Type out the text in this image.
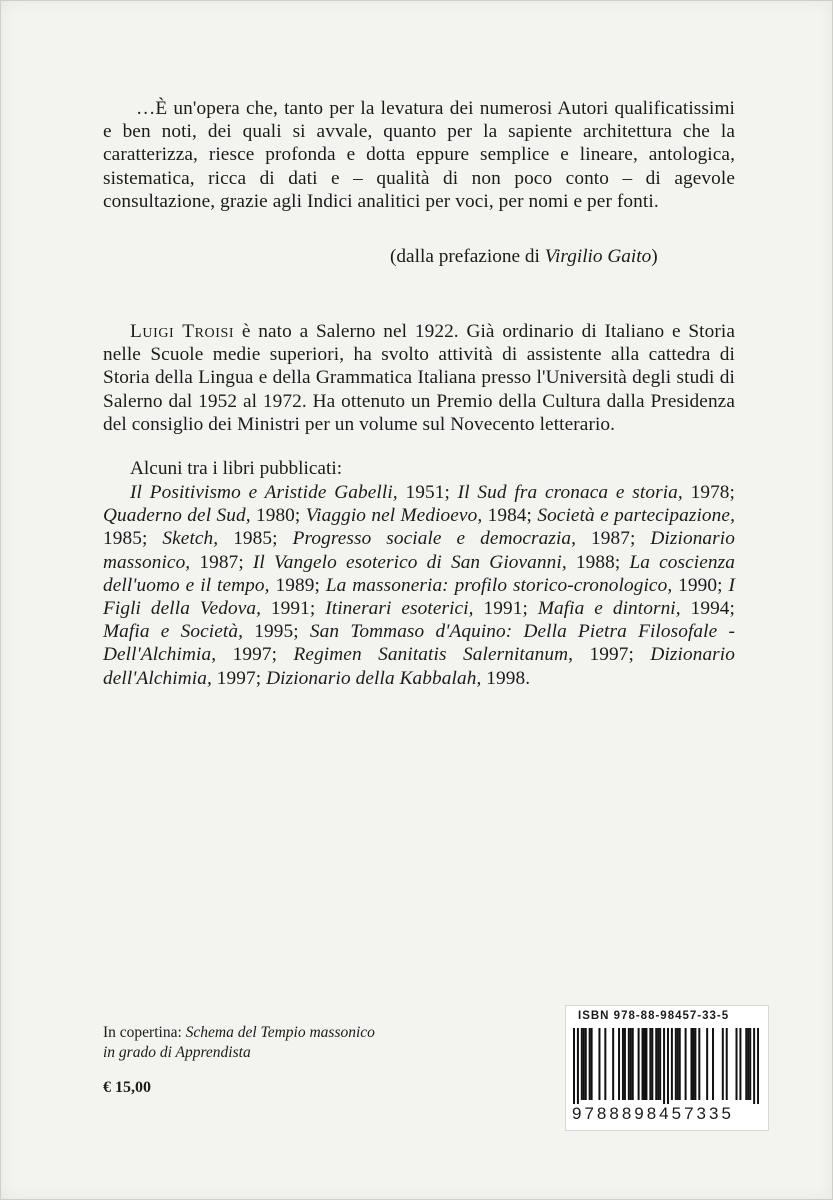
…È un'opera che, tanto per la levatura dei numerosi Autori qualificatissimi e ben noti, dei quali si avvale, quanto per la sapiente architettura che la caratterizza, riesce profonda e dotta eppure semplice e lineare, antologica, sistematica, ricca di dati e – qualità di non poco conto – di agevole consultazione, grazie agli Indici analitici per voci, per nomi e per fonti.

(dalla prefazione di Virgilio Gaito)

Luigi Troisi è nato a Salerno nel 1922. Già ordinario di Italiano e Storia nelle Scuole medie superiori, ha svolto attività di assistente alla cattedra di Storia della Lingua e della Grammatica Italiana presso l'Università degli studi di Salerno dal 1952 al 1972. Ha ottenuto un Premio della Cultura dalla Presidenza del consiglio dei Ministri per un volume sul Novecento letterario.

Alcuni tra i libri pubblicati:

Il Positivismo e Aristide Gabelli, 1951; Il Sud fra cronaca e storia, 1978; Quaderno del Sud, 1980; Viaggio nel Medioevo, 1984; Società e partecipazione, 1985; Sketch, 1985; Progresso sociale e democrazia, 1987; Dizionario massonico, 1987; Il Vangelo esoterico di San Giovanni, 1988; La coscienza dell'uomo e il tempo, 1989; La massoneria: profilo storico-cronologico, 1990; I Figli della Vedova, 1991; Itinerari esoterici, 1991; Mafia e dintorni, 1994; Mafia e Società, 1995; San Tommaso d'Aquino: Della Pietra Filosofale - Dell'Alchimia, 1997; Regimen Sanitatis Salernitanum, 1997; Dizionario dell'Alchimia, 1997; Dizionario della Kabbalah, 1998.

In copertina: Schema del Tempio massonico
in grado di Apprendista
€ 15,00
ISBN 978-88-98457-33-5
9788898457335
